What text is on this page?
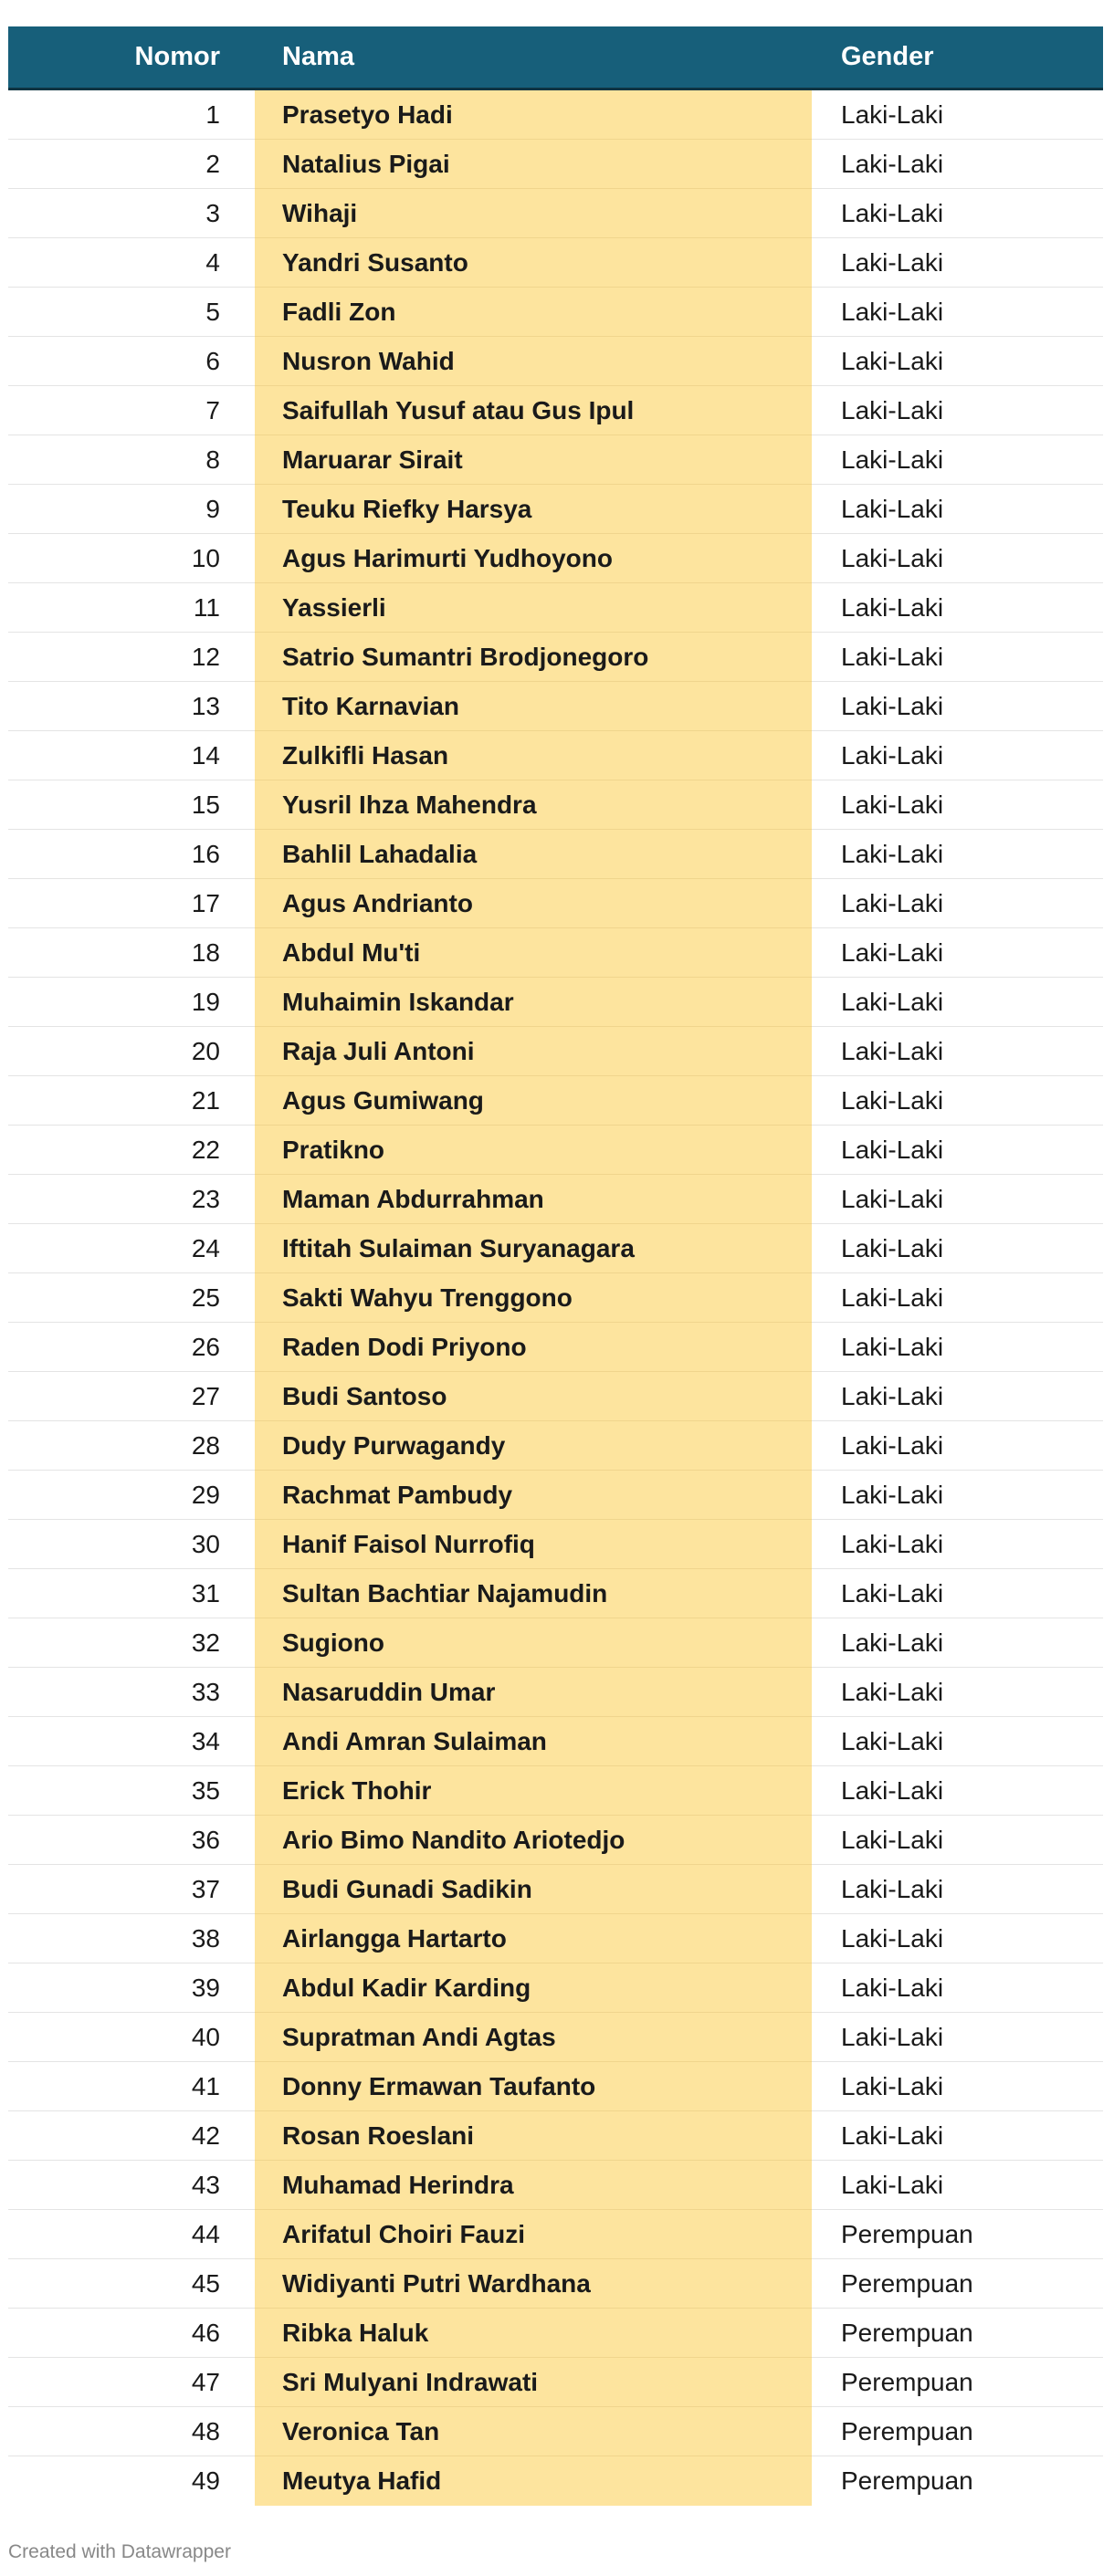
Nomor	Nama	Gender
1	Prasetyo Hadi	Laki-Laki
2	Natalius Pigai	Laki-Laki
3	Wihaji	Laki-Laki
4	Yandri Susanto	Laki-Laki
5	Fadli Zon	Laki-Laki
6	Nusron Wahid	Laki-Laki
7	Saifullah Yusuf atau Gus Ipul	Laki-Laki
8	Maruarar Sirait	Laki-Laki
9	Teuku Riefky Harsya	Laki-Laki
10	Agus Harimurti Yudhoyono	Laki-Laki
11	Yassierli	Laki-Laki
12	Satrio Sumantri Brodjonegoro	Laki-Laki
13	Tito Karnavian	Laki-Laki
14	Zulkifli Hasan	Laki-Laki
15	Yusril Ihza Mahendra	Laki-Laki
16	Bahlil Lahadalia	Laki-Laki
17	Agus Andrianto	Laki-Laki
18	Abdul Mu'ti	Laki-Laki
19	Muhaimin Iskandar	Laki-Laki
20	Raja Juli Antoni	Laki-Laki
21	Agus Gumiwang	Laki-Laki
22	Pratikno	Laki-Laki
23	Maman Abdurrahman	Laki-Laki
24	Iftitah Sulaiman Suryanagara	Laki-Laki
25	Sakti Wahyu Trenggono	Laki-Laki
26	Raden Dodi Priyono	Laki-Laki
27	Budi Santoso	Laki-Laki
28	Dudy Purwagandy	Laki-Laki
29	Rachmat Pambudy	Laki-Laki
30	Hanif Faisol Nurrofiq	Laki-Laki
31	Sultan Bachtiar Najamudin	Laki-Laki
32	Sugiono	Laki-Laki
33	Nasaruddin Umar	Laki-Laki
34	Andi Amran Sulaiman	Laki-Laki
35	Erick Thohir	Laki-Laki
36	Ario Bimo Nandito Ariotedjo	Laki-Laki
37	Budi Gunadi Sadikin	Laki-Laki
38	Airlangga Hartarto	Laki-Laki
39	Abdul Kadir Karding	Laki-Laki
40	Supratman Andi Agtas	Laki-Laki
41	Donny Ermawan Taufanto	Laki-Laki
42	Rosan Roeslani	Laki-Laki
43	Muhamad Herindra	Laki-Laki
44	Arifatul Choiri Fauzi	Perempuan
45	Widiyanti Putri Wardhana	Perempuan
46	Ribka Haluk	Perempuan
47	Sri Mulyani Indrawati	Perempuan
48	Veronica Tan	Perempuan
49	Meutya Hafid	Perempuan
Created with Datawrapper
